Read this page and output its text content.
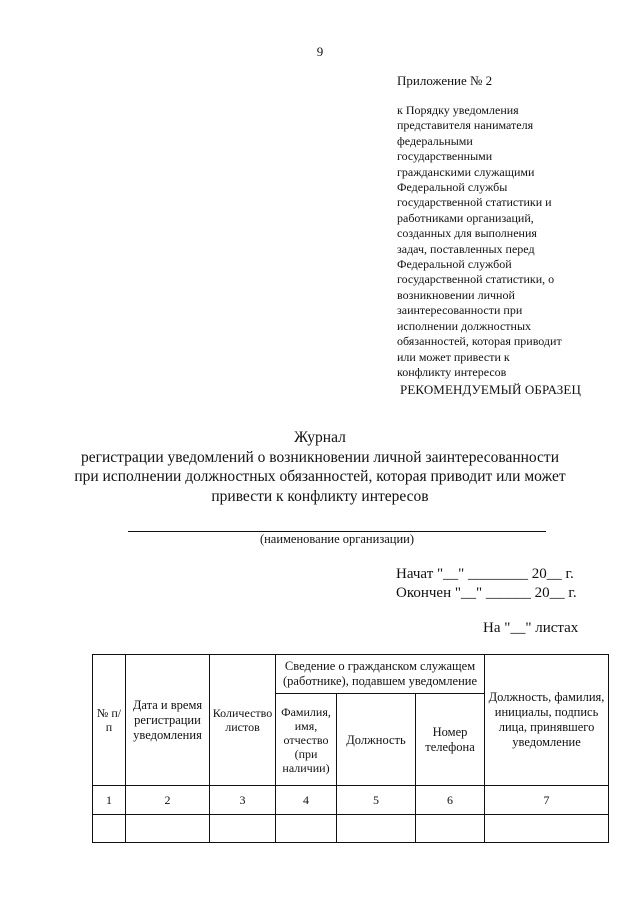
9
Приложение № 2
к Порядку уведомления
представителя нанимателя
федеральными
государственными
гражданскими служащими
Федеральной службы
государственной статистики и
работниками организаций,
созданных для выполнения
задач, поставленных перед
Федеральной службой
государственной статистики, о
возникновении личной
заинтересованности при
исполнении должностных
обязанностей, которая приводит
или может привести к
конфликту интересов
РЕКОМЕНДУЕМЫЙ ОБРАЗЕЦ
Журнал
регистрации уведомлений о возникновении личной заинтересованности
при исполнении должностных обязанностей, которая приводит или может
привести к конфликту интересов
(наименование организации)
Начат "__" ________ 20__ г.
Окончен "__" ______ 20__ г.
На "__" листах
№ п/п	Дата и время регистрации уведомления	Количество листов	Сведение о гражданском служащем (работнике), подавшем уведомление			Должность, фамилия, инициалы, подпись лица, принявшего уведомление
			Фамилия, имя, отчество (при наличии)	Должность	Номер телефона	
1	2	3	4	5	6	7
